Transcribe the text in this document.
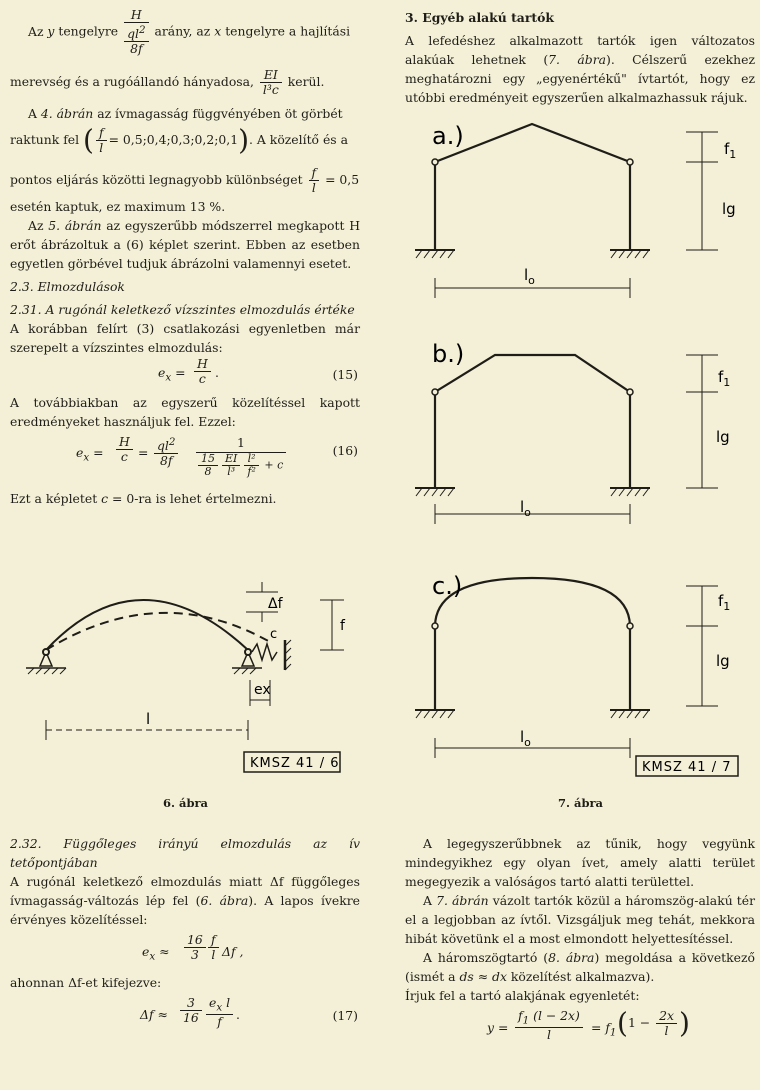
Az y tengelyre
H
$ql^2$
8f
arány, az x tengelyre a hajlítási

merevség és a rugóállandó hányadosa, $\frac{EI}{\text{l³c}}$ kerül.

A 4. ábrán az ívmagasság függvényében öt görbét

raktunk fel ( $\frac{f}{l}$ = 0,5;0,4;0,3;0,2;0,1). A közelítő és a

pontos eljárás közötti legnagyobb különbséget $\frac{f}{l} = 0,5$

esetén kaptuk, ez maximum 13 %.

Az 5. ábrán az egyszerűbb módszerrel megkapott H erőt ábrázoltuk a (6) képlet szerint. Ebben az esetben egyetlen görbével tudjuk ábrázolni valamennyi esetet.

2.3. Elmozdulások

2.31. A rugónál keletkező vízszintes elmozdulás értéke

A korábban felírt (3) csatlakozási egyenletben már szerepelt a vízszintes elmozdulás:

$e_x = \frac{H}{c}$ .	(15)

A továbbiakban az egyszerű közelítéssel kapott eredményeket használjuk fel. Ezzel:

$e_x = \frac{H}{c} = \frac{ql^2}{8f}$	1
$\frac{15}{8} \frac{EI}{\text{l³}} \frac{\text{l²}}{\text{f²}} + c$
(16)

Ezt a képletet c = 0-ra is lehet értelmezni.

3. Egyéb alakú tartók

A lefedéshez alkalmazott tartók igen változatos alakúak lehetnek (7. ábra). Célszerű ezekhez meghatározni egy „egyenértékű" ívtartót, hogy ez utóbbi eredményeit egyszerűen alkalmazhassuk rájuk.

Δf
f
c
ex
l
KMSZ 41 / 6
6. ábra
a.)
b.)
c.)
$f_1$
lg
$l_o$
$f_1$
lg
$l_o$
$f_1$
lg
$l_o$
KMSZ 41 / 7
7. ábra

2.32. Függőleges irányú elmozdulás az ív tetőpontjában

A rugónál keletkező elmozdulás miatt Δf függőleges ívmagasság-változás lép fel (6. ábra). A lapos ívekre érvényes közelítéssel:

$e_x \approx \frac{16}{3} \frac{f}{l}$ Δf ,

ahonnan Δf-et kifejezve:

$\Delta f \approx \frac{3}{16} \frac{e_x l}{f}$ .	(17)

A legegyszerűbbnek az tűnik, hogy vegyünk mindegyikhez egy olyan ívet, amely alatti terület megegyezik a valóságos tartó alatti területtel.

A 7. ábrán vázolt tartók közül a háromszög-alakú tér el a legjobban az ívtől. Vizsgáljuk meg tehát, mekkora hibát követünk el a most elmondott helyettesítéssel.

A háromszögtartó (8. ábra) megoldása a következő (ismét a ds ≈ dx közelítést alkalmazva).

Írjuk fel a tartó alakjának egyenletét:

$y = \frac{f_1 (l - 2x)}{l} = f_1$ ($1 - \frac{2x}{l}$ )
